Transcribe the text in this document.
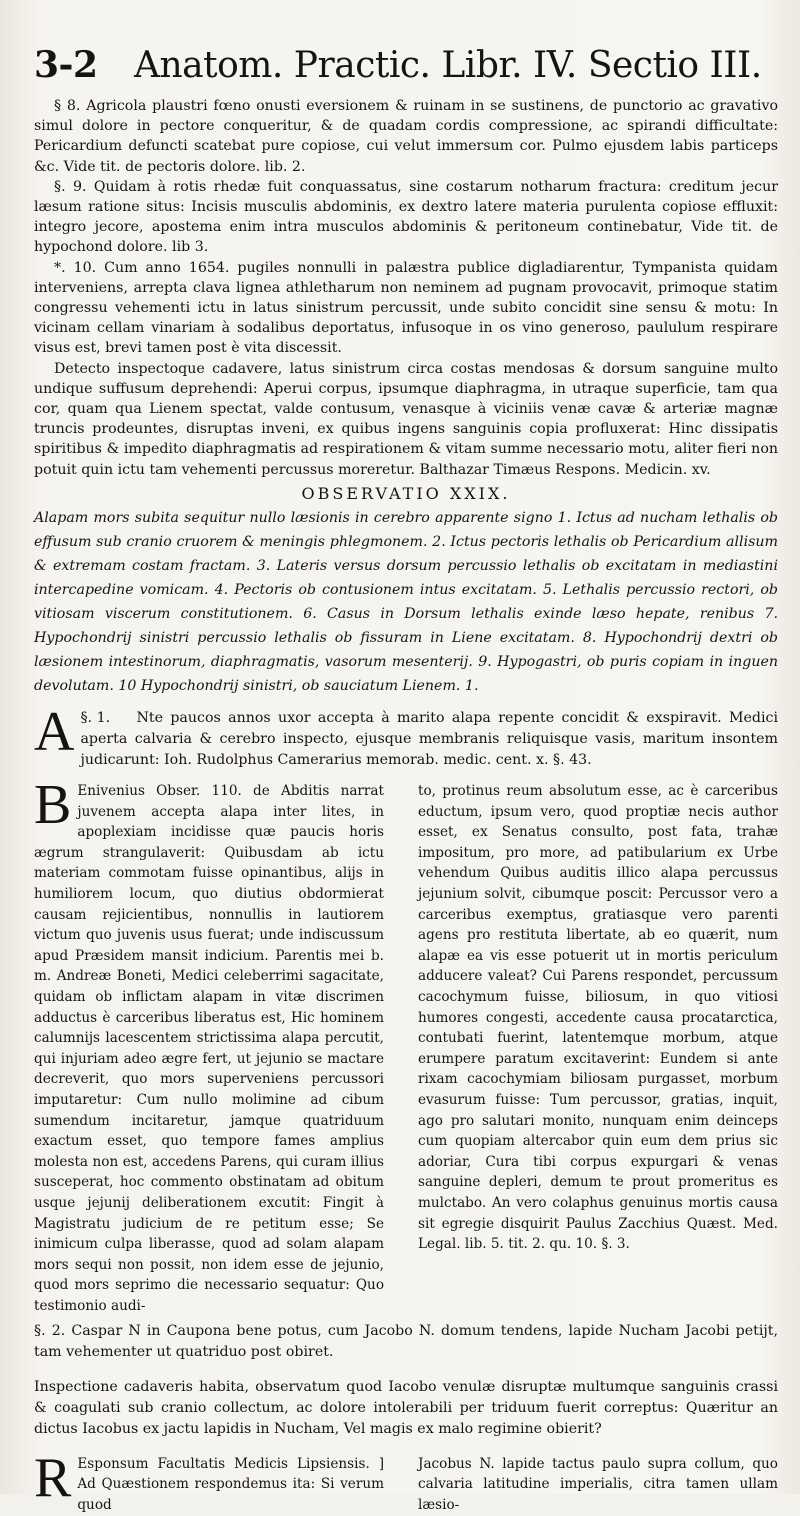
3-2	Anatom. Practic. Libr. IV. Sectio III.

§ 8. Agricola plaustri fœno onusti eversionem & ruinam in se sustinens, de punctorio ac gravativo simul dolore in pectore conqueritur, & de quadam cordis compressione, ac spirandi difficultate: Pericardium defuncti scatebat pure copiose, cui velut immersum cor. Pulmo ejusdem labis particeps &c. Vide tit. de pectoris dolore. lib. 2.

§. 9. Quidam à rotis rhedæ fuit conquassatus, sine costarum notharum fractura: creditum jecur læsum ratione situs: Incisis musculis abdominis, ex dextro latere materia purulenta copiose effluxit: integro jecore, apostema enim intra musculos abdominis & peritoneum continebatur, Vide tit. de hypochond dolore. lib 3.

*. 10. Cum anno 1654. pugiles nonnulli in palæstra publice digladiarentur, Tympanista quidam interveniens, arrepta clava lignea athletharum non neminem ad pugnam provocavit, primoque statim congressu vehementi ictu in latus sinistrum percussit, unde subito concidit sine sensu & motu: In vicinam cellam vinariam à sodalibus deportatus, infusoque in os vino generoso, paululum respirare visus est, brevi tamen post è vita discessit.

Detecto inspectoque cadavere, latus sinistrum circa costas mendosas & dorsum sanguine multo undique suffusum deprehendi: Aperui corpus, ipsumque diaphragma, in utraque superficie, tam qua cor, quam qua Lienem spectat, valde contusum, venasque à viciniis venæ cavæ & arteriæ magnæ truncis prodeuntes, disruptas inveni, ex quibus ingens sanguinis copia profluxerat: Hinc dissipatis spiritibus & impedito diaphragmatis ad respirationem & vitam summe necessario motu, aliter fieri non potuit quin ictu tam vehementi percussus moreretur. Balthazar Timæus Respons. Medicin. xv.

OBSERVATIO XXIX.

Alapam mors subita sequitur nullo læsionis in cerebro apparente signo 1. Ictus ad nucham lethalis ob effusum sub cranio cruorem & meningis phlegmonem. 2. Ictus pectoris lethalis ob Pericardium allisum & extremam costam fractam. 3. Lateris versus dorsum percussio lethalis ob excitatam in mediastini intercapedine vomicam. 4. Pectoris ob contusionem intus excitatam. 5. Lethalis percussio rectori, ob vitiosam viscerum constitutionem. 6. Casus in Dorsum lethalis exinde læso hepate, renibus 7. Hypochondrij sinistri percussio lethalis ob fissuram in Liene excitatam. 8. Hypochondrij dextri ob læsionem intestinorum, diaphragmatis, vasorum mesenterij. 9. Hypogastri, ob puris copiam in inguen devolutam. 10 Hypochondrij sinistri, ob sauciatum Lienem. 1.

§. 1.
A	Nte paucos annos uxor accepta à marito alapa repente concidit & exspiravit. Medici aperta calvaria & cerebro inspecto, ejusque membranis reliquisque vasis, maritum insontem judicarunt: Ioh. Rudolphus Camerarius memorab. medic. cent. x. §. 43.
B Enivenius Obser. 110. de Abditis narrat juvenem accepta alapa inter lites, in apoplexiam incidisse quæ paucis horis ægrum strangulaverit: Quibusdam ab ictu materiam commotam fuisse opinantibus, alijs in humiliorem locum, quo diutius obdormierat causam rejicientibus, nonnullis in lautiorem victum quo juvenis usus fuerat; unde indiscussum apud Præsidem mansit indicium. Parentis mei b. m. Andreæ Boneti, Medici celeberrimi sagacitate, quidam ob inflictam alapam in vitæ discrimen adductus è carceribus liberatus est, Hic hominem calumnijs lacescentem strictissima alapa percutit, qui injuriam adeo ægre fert, ut jejunio se mactare decreverit, quo mors superveniens percussori imputaretur: Cum nullo molimine ad cibum sumendum incitaretur, jamque quatriduum exactum esset, quo tempore fames amplius molesta non est, accedens Parens, qui curam illius susceperat, hoc commento obstinatam ad obitum usque jejunij deliberationem excutit: Fingit à Magistratu judicium de re petitum esse; Se inimicum culpa liberasse, quod ad solam alapam mors sequi non possit, non idem esse de jejunio, quod mors seprimo die necessario sequatur: Quo testimonio audi-
to, protinus reum absolutum esse, ac è carceribus eductum, ipsum vero, quod proptiæ necis author esset, ex Senatus consulto, post fata, trahæ impositum, pro more, ad patibularium ex Urbe vehendum Quibus auditis illico alapa percussus jejunium solvit, cibumque poscit: Percussor vero a carceribus exemptus, gratiasque vero parenti agens pro restituta libertate, ab eo quærit, num alapæ ea vis esse potuerit ut in mortis periculum adducere valeat? Cui Parens respondet, percussum cacochymum fuisse, biliosum, in quo vitiosi humores congesti, accedente causa procatarctica, contubati fuerint, latentemque morbum, atque erumpere paratum excitaverint: Eundem si ante rixam cacochymiam biliosam purgasset, morbum evasurum fuisse: Tum percussor, gratias, inquit, ago pro salutari monito, nunquam enim deinceps cum quopiam altercabor quin eum dem prius sic adoriar, Cura tibi corpus expurgari & venas sanguine depleri, demum te prout promeritus es mulctabo. An vero colaphus genuinus mortis causa sit egregie disquirit Paulus Zacchius Quæst. Med. Legal. lib. 5. tit. 2. qu. 10. §. 3.

§. 2. Caspar N in Caupona bene potus, cum Jacobo N. domum tendens, lapide Nucham Jacobi petijt, tam vehementer ut quatriduo post obiret.

Inspectione cadaveris habita, observatum quod Iacobo venulæ disruptæ multumque sanguinis crassi & coagulati sub cranio collectum, ac dolore intolerabili per triduum fuerit correptus: Quæritur an dictus Iacobus ex jactu lapidis in Nucham, Vel magis ex malo regimine obierit?

R Esponsum Facultatis Medicis Lipsiensis. ] Ad Quæstionem respondemus ita: Si verum quod
Jacobus N. lapide tactus paulo supra collum, quo calvaria latitudine imperialis, citra tamen ullam læsio-
